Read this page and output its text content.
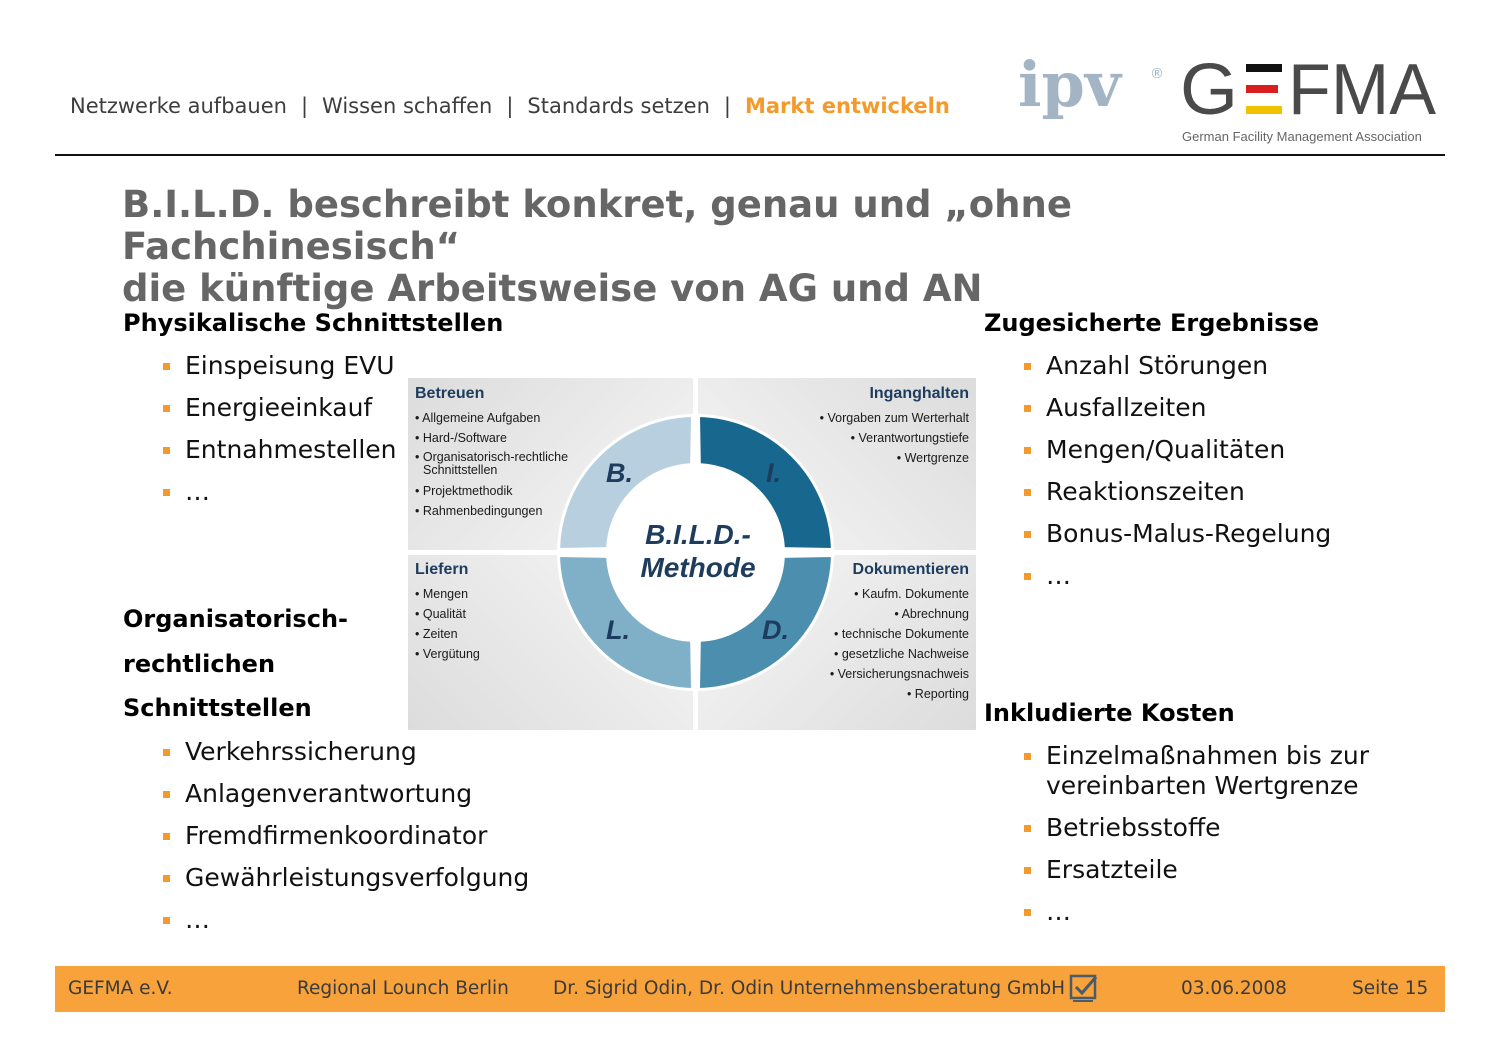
Netzwerke aufbauen | Wissen schaffen | Standards setzen | Markt entwickeln ipv ® G FMA
German Facility Management Association
B.I.L.D. beschreibt konkret, genau und „ohne Fachchinesisch“
die künftige Arbeitsweise von AG und AN
Physikalische Schnittstellen
Einspeisung EVU
Energieeinkauf
Entnahmestellen
…
Organisatorisch-
rechtlichen
Schnittstellen
Verkehrssicherung
Anlagenverantwortung
Fremdfirmenkoordinator
Gewährleistungsverfolgung
…
Zugesicherte Ergebnisse
Anzahl Störungen
Ausfallzeiten
Mengen/Qualitäten
Reaktionszeiten
Bonus-Malus-Regelung
…
Inkludierte Kosten
Einzelmaßnahmen bis zur
vereinbarten Wertgrenze
Betriebsstoffe
Ersatzteile
…
Betreuen
• Allgemeine Aufgaben
• Hard-/Software
• Organisatorisch-rechtliche Schnittstellen
• Projektmethodik
• Rahmenbedingungen
Inganghalten
• Vorgaben zum Werterhalt
• Verantwortungstiefe
• Wertgrenze
Liefern
• Mengen
• Qualität
• Zeiten
• Vergütung
Dokumentieren
• Kaufm. Dokumente
• Abrechnung
• technische Dokumente
• gesetzliche Nachweise
• Versicherungsnachweis
• Reporting
B.	I.
L.	D.
B.I.L.D.-
Methode
GEFMA e.V.	Regional Lounch Berlin Dr. Sigrid Odin, Dr. Odin Unternehmensberatung GmbH	03.06.2008	Seite 15
